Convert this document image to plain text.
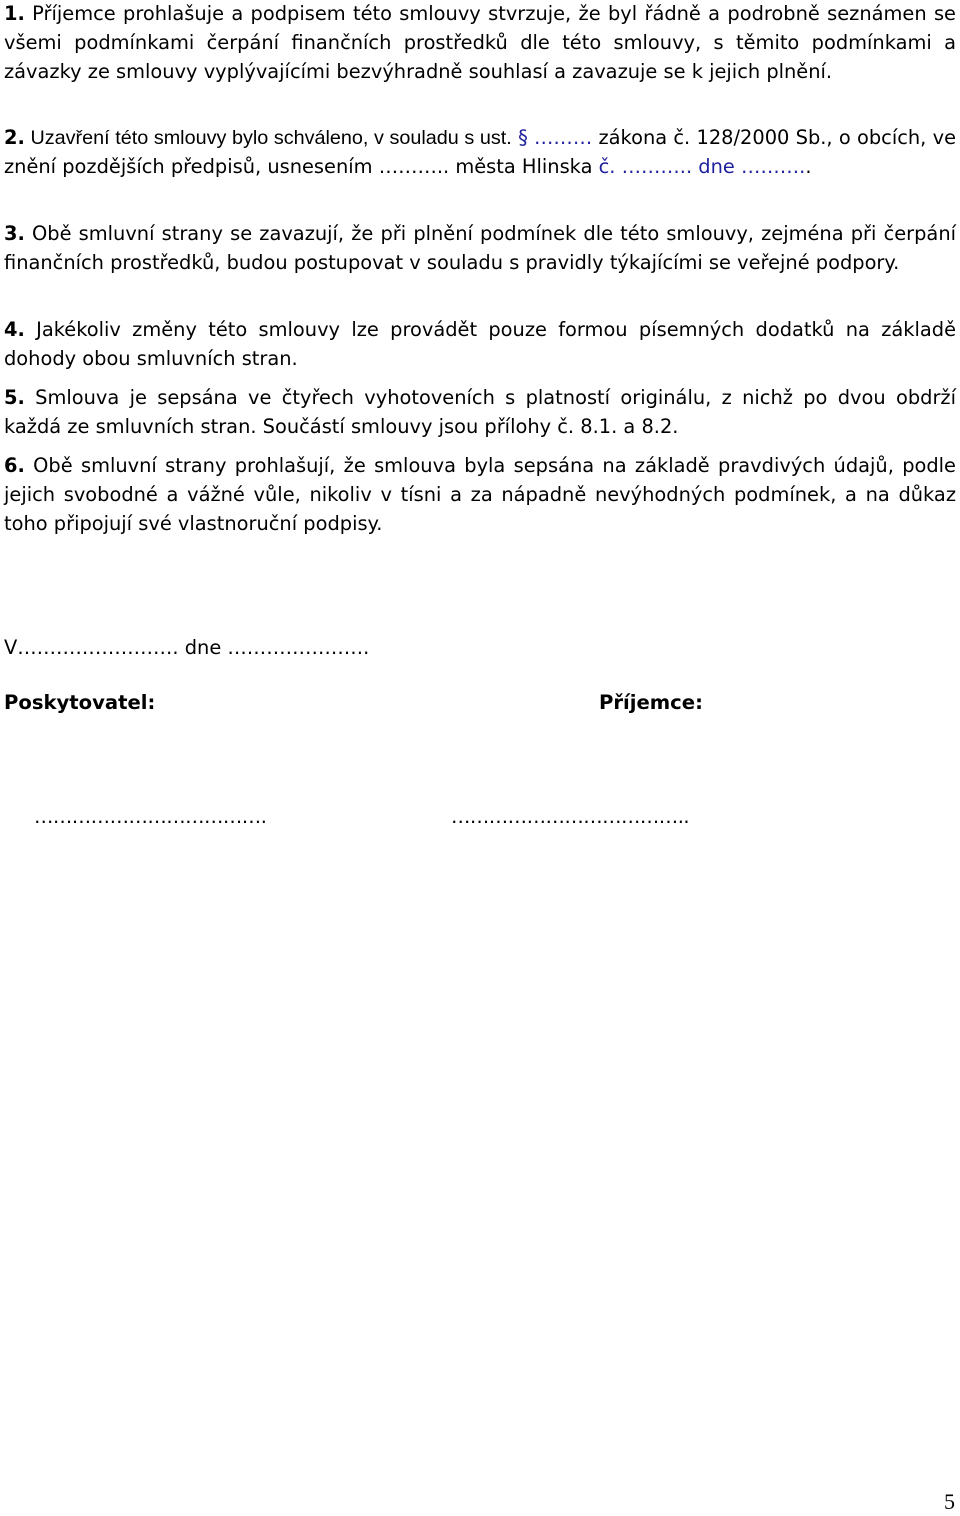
1. Příjemce prohlašuje a podpisem této smlouvy stvrzuje, že byl řádně a podrobně seznámen se všemi podmínkami čerpání finančních prostředků dle této smlouvy, s těmito podmínkami a závazky ze smlouvy vyplývajícími bezvýhradně souhlasí a zavazuje se k jejich plnění.

2. Uzavření této smlouvy bylo schváleno, v souladu s ust. § ……… zákona č. 128/2000 Sb., o obcích, ve znění pozdějších předpisů, usnesením ……….. města Hlinska č. ……….. dne ………..

3. Obě smluvní strany se zavazují, že při plnění podmínek dle této smlouvy, zejména při čerpání finančních prostředků, budou postupovat v souladu s pravidly týkajícími se veřejné podpory.

4. Jakékoliv změny této smlouvy lze provádět pouze formou písemných dodatků na základě dohody obou smluvních stran.

5. Smlouva je sepsána ve čtyřech vyhotoveních s platností originálu, z nichž po dvou obdrží každá ze smluvních stran. Součástí smlouvy jsou přílohy č. 8.1. a 8.2.

6. Obě smluvní strany prohlašují, že smlouva byla sepsána na základě pravdivých údajů, podle jejich svobodné a vážné vůle, nikoliv v tísni a za nápadně nevýhodných podmínek, a na důkaz toho připojují své vlastnoruční podpisy.

V……………………. dne ………………….
Poskytovatel:	Příjemce:
……………………………….	………………………………..
5
